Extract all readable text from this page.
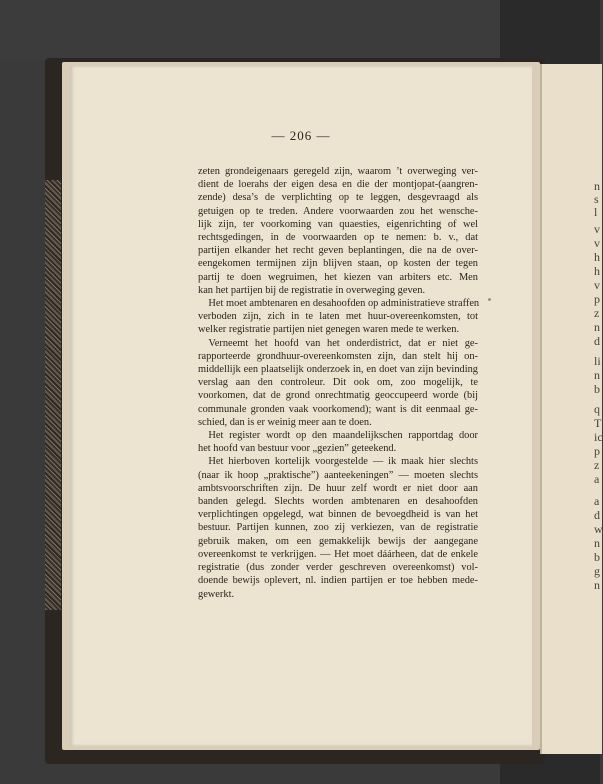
n
s
l
v
v
h
h
v
p
z
n
d
li
n
b
q
T
ic
p
z
a
a
d
w
n
b
g
n
— 206 —
zeten grondeigenaars geregeld zijn, waarom ’t overweging ver-
dient de loerahs der eigen desa en die der montjopat-(aangren-
zende) desa’s de verplichting op te leggen, desgevraagd als
getuigen op te treden. Andere voorwaarden zou het wensche-
lijk zijn, ter voorkoming van quaesties, eigenrichting of wel
rechtsgedingen, in de voorwaarden op te nemen: b. v., dat
partijen elkander het recht geven beplantingen, die na de over-
eengekomen termijnen zijn blijven staan, op kosten der tegen
partij te doen wegruimen, het kiezen van arbiters etc. Men
kan het partijen bij de registratie in overweging geven.
 Het moet ambtenaren en desahoofden op administratieve straffen
verboden zijn, zich in te laten met huur-overeenkomsten, tot
welker registratie partijen niet genegen waren mede te werken.
 Verneemt het hoofd van het onderdistrict, dat er niet ge-
rapporteerde grondhuur-overeenkomsten zijn, dan stelt hij on-
middellijk een plaatselijk onderzoek in, en doet van zijn bevinding
verslag aan den controleur. Dit ook om, zoo mogelijk, te
voorkomen, dat de grond onrechtmatig geoccupeerd worde (bij
communale gronden vaak voorkomend); want is dit eenmaal ge-
schied, dan is er weinig meer aan te doen.
 Het register wordt op den maandelijkschen rapportdag door
het hoofd van bestuur voor „gezien” geteekend.
 Het hierboven kortelijk voorgestelde — ik maak hier slechts
(naar ik hoop „praktische”) aanteekeningen” — moeten slechts
ambtsvoorschriften zijn. De huur zelf wordt er niet door aan
banden gelegd. Slechts worden ambtenaren en desahoofden
verplichtingen opgelegd, wat binnen de bevoegdheid is van het
bestuur. Partijen kunnen, zoo zij verkiezen, van de registratie
gebruik maken, om een gemakkelijk bewijs der aangegane
overeenkomst te verkrijgen. — Het moet dáárheen, dat de enkele
registratie (dus zonder verder geschreven overeenkomst) vol-
doende bewijs oplevert, nl. indien partijen er toe hebben mede-
gewerkt.
